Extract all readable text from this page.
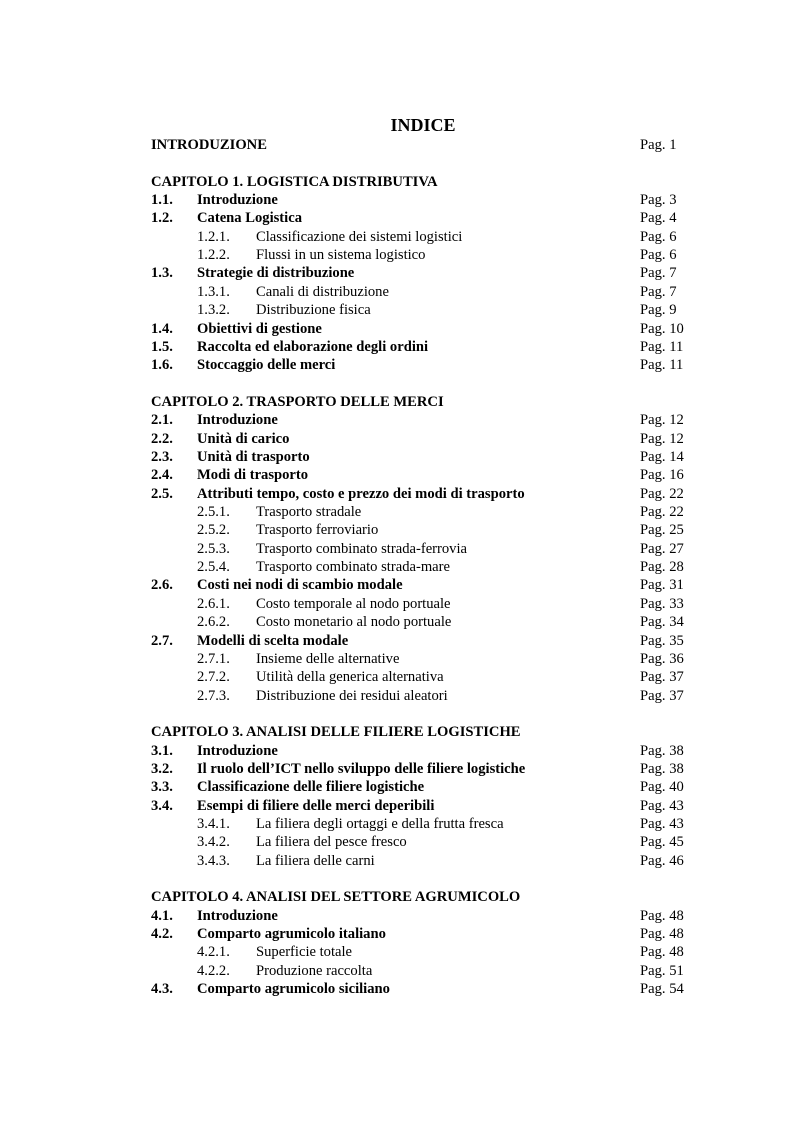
INDICE
INTRODUZIONE	Pag. 1
CAPITOLO 1. LOGISTICA DISTRIBUTIVA
1.1. Introduzione	Pag. 3
1.2. Catena Logistica	Pag. 4
1.2.1. Classificazione dei sistemi logistici	Pag. 6
1.2.2. Flussi in un sistema logistico	Pag. 6
1.3. Strategie di distribuzione	Pag. 7
1.3.1. Canali di distribuzione	Pag. 7
1.3.2. Distribuzione fisica	Pag. 9
1.4. Obiettivi di gestione	Pag. 10
1.5. Raccolta ed elaborazione degli ordini	Pag. 11
1.6. Stoccaggio delle merci	Pag. 11
CAPITOLO 2. TRASPORTO DELLE MERCI
2.1. Introduzione	Pag. 12
2.2. Unità di carico	Pag. 12
2.3. Unità di trasporto	Pag. 14
2.4. Modi di trasporto	Pag. 16
2.5. Attributi tempo, costo e prezzo dei modi di trasporto	Pag. 22
2.5.1. Trasporto stradale	Pag. 22
2.5.2. Trasporto ferroviario	Pag. 25
2.5.3. Trasporto combinato strada-ferrovia	Pag. 27
2.5.4. Trasporto combinato strada-mare	Pag. 28
2.6. Costi nei nodi di scambio modale	Pag. 31
2.6.1. Costo temporale al nodo portuale	Pag. 33
2.6.2. Costo monetario al nodo portuale	Pag. 34
2.7. Modelli di scelta modale	Pag. 35
2.7.1. Insieme delle alternative	Pag. 36
2.7.2. Utilità della generica alternativa	Pag. 37
2.7.3. Distribuzione dei residui aleatori	Pag. 37
CAPITOLO 3. ANALISI DELLE FILIERE LOGISTICHE
3.1. Introduzione	Pag. 38
3.2. Il ruolo dell’ICT nello sviluppo delle filiere logistiche	Pag. 38
3.3. Classificazione delle filiere logistiche	Pag. 40
3.4. Esempi di filiere delle merci deperibili	Pag. 43
3.4.1. La filiera degli ortaggi e della frutta fresca	Pag. 43
3.4.2. La filiera del pesce fresco	Pag. 45
3.4.3. La filiera delle carni	Pag. 46
CAPITOLO 4. ANALISI DEL SETTORE AGRUMICOLO
4.1. Introduzione	Pag. 48
4.2. Comparto agrumicolo italiano	Pag. 48
4.2.1. Superficie totale	Pag. 48
4.2.2. Produzione raccolta	Pag. 51
4.3. Comparto agrumicolo siciliano	Pag. 54
